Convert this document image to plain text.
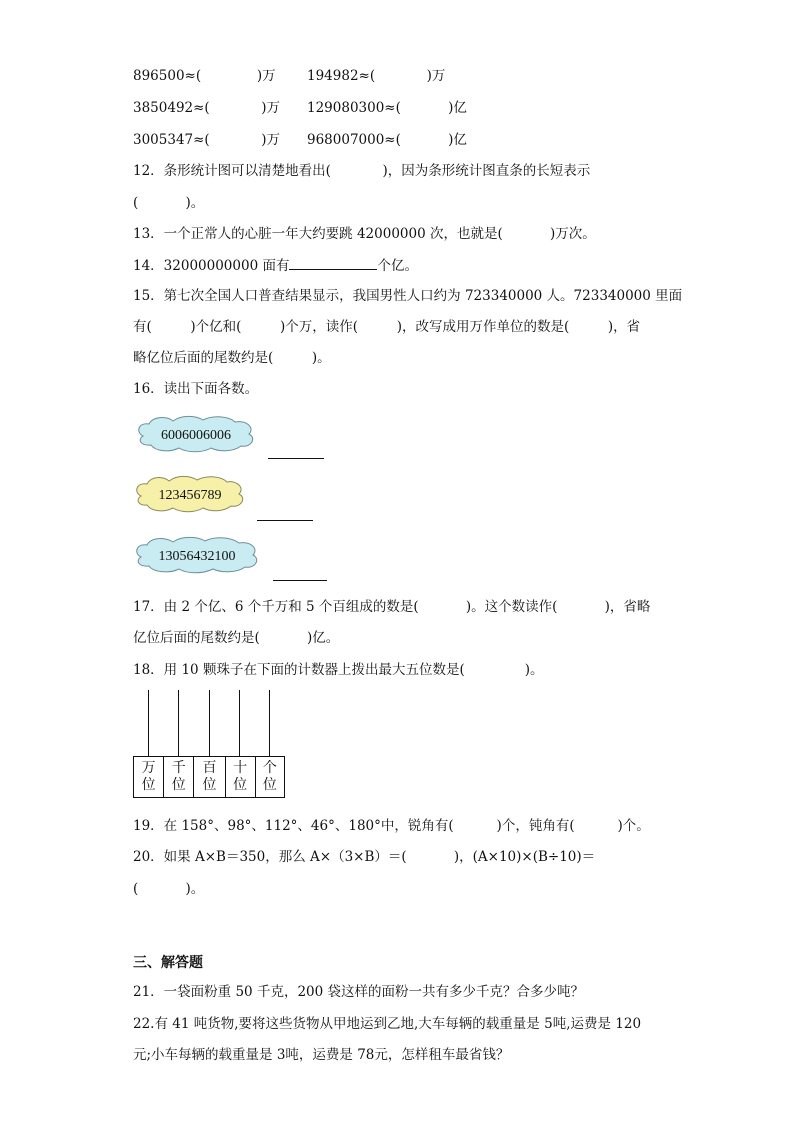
896500≈(             )万 194982≈(            )万
3850492≈(            )万 129080300≈(           )亿
3005347≈(            )万 968007000≈(           )亿
12．条形统计图可以清楚地看出(            )，因为条形统计图直条的长短表示
(           )。
13．一个正常人的心脏一年大约要跳 42000000 次，也就是(           )万次。
14．32000000000 面有	个亿。
15．第七次全国人口普查结果显示，我国男性人口约为 723340000 人。723340000 里面
有(         )个亿和(         )个万，读作(         )，改写成用万作单位的数是(         )，省
略亿位后面的尾数约是(         )。
16．读出下面各数。
6006006006
123456789
13056432100
17．由 2 个亿、6 个千万和 5 个百组成的数是(           )。这个数读作(           )，省略
亿位后面的尾数约是(           )亿。
18．用 10 颗珠子在下面的计数器上拨出最大五位数是(              )。
万
位
千
位
百
位
十
位
个
位
19．在 158°、98°、112°、46°、180°中，锐角有(          )个，钝角有(          )个。
20．如果 A×B＝350，那么 A×（3×B）＝(           )，(A×10)×(B÷10)＝
(           )。
三、解答题
21．一袋面粉重 50 千克，200 袋这样的面粉一共有多少千克？合多少吨？
22.有 41 吨货物,要将这些货物从甲地运到乙地,大车每辆的载重量是 5吨,运费是 120
元;小车每辆的载重量是 3吨，运费是 78元，怎样租车最省钱？
